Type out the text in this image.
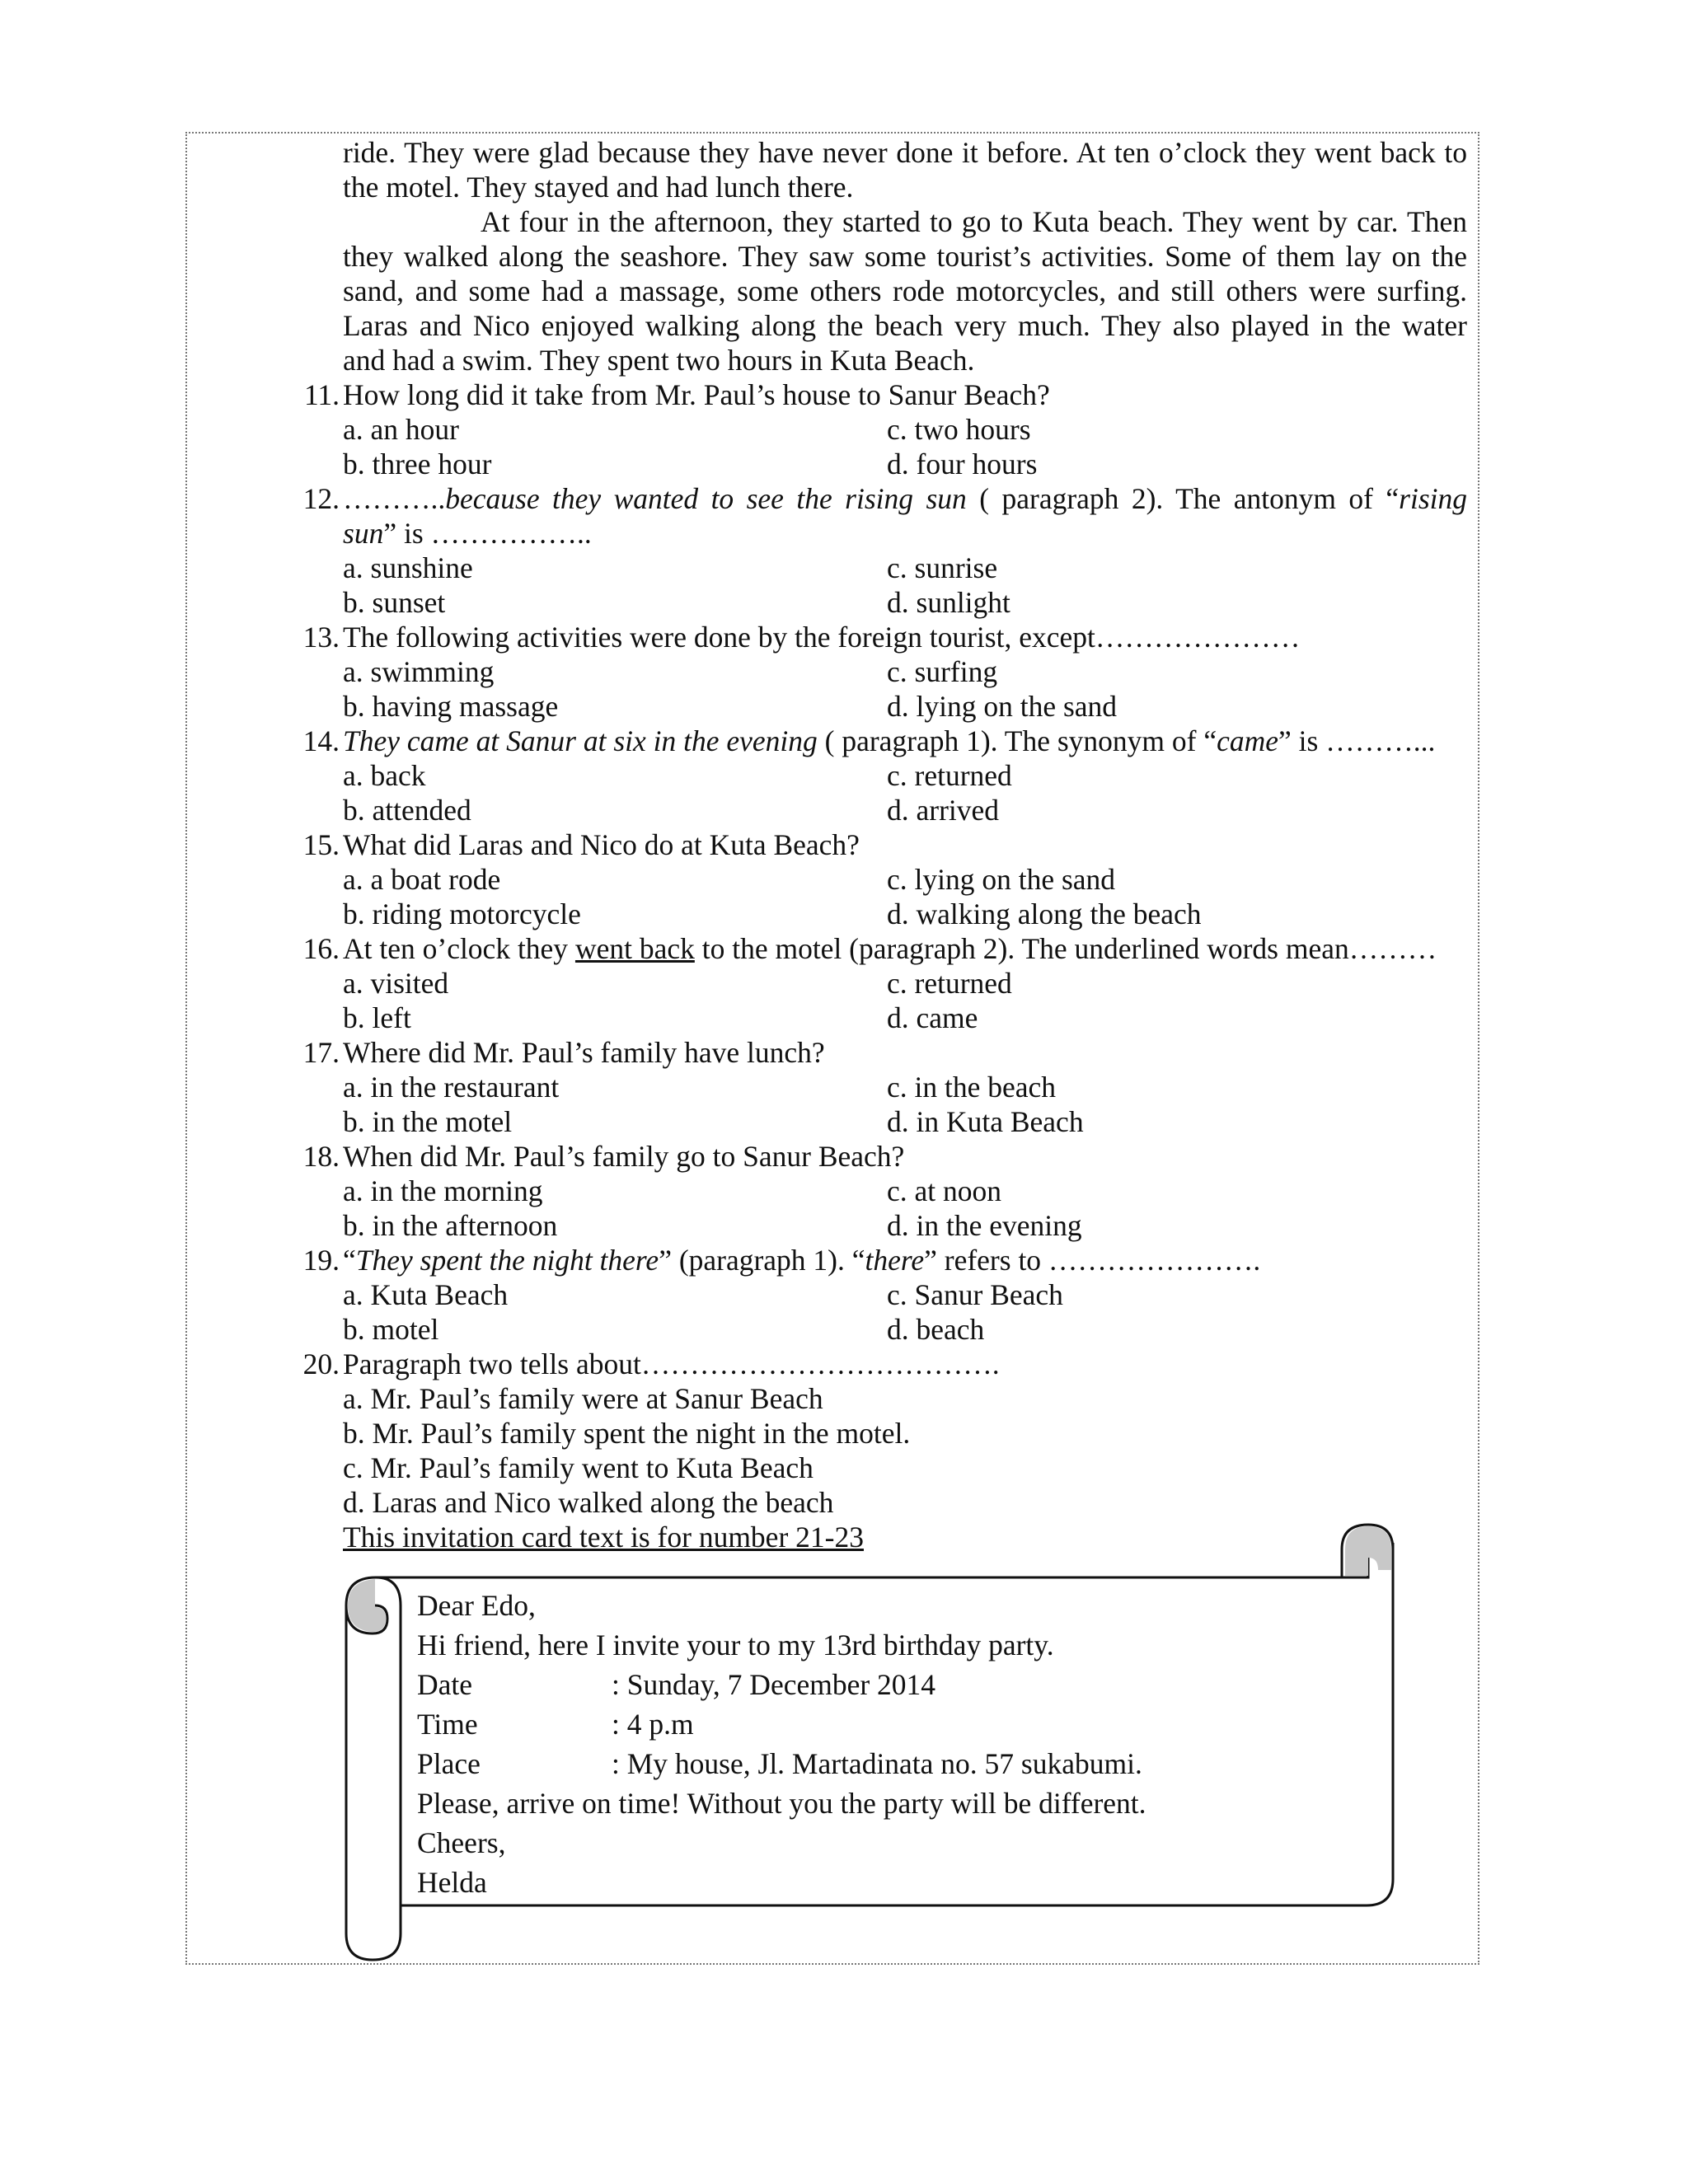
ride. They were glad because they have never done it before. At ten o’clock they went back to
the motel. They stayed and had lunch there.
At four in the afternoon, they started to go to Kuta beach. They went by car. Then
they walked along the seashore. They saw some tourist’s activities. Some of them lay on the
sand, and some had a massage, some others rode motorcycles, and still others were surfing.
Laras and Nico enjoyed walking along the beach very much. They also played in the water
and had a swim. They spent two hours in Kuta Beach.
11. How long did it take from Mr. Paul’s house to Sanur Beach?
a. an hour	c. two hours
b. three hour	d. four hours
12. ………..because they wanted to see the rising sun ( paragraph 2). The antonym of “rising
sun” is ……………..
a. sunshine	c. sunrise
b. sunset	d. sunlight
13. The following activities were done by the foreign tourist, except…………………
a. swimming	c. surfing
b. having massage	d. lying on the sand
14. They came at Sanur at six in the evening ( paragraph 1). The synonym of “came” is ………...
a. back	c. returned
b. attended	d. arrived
15. What did Laras and Nico do at Kuta Beach?
a. a boat rode	c. lying on the sand
b. riding motorcycle	d. walking along the beach
16. At ten o’clock they went back to the motel (paragraph 2). The underlined words mean………
a. visited	c. returned
b. left	d. came
17. Where did Mr. Paul’s family have lunch?
a. in the restaurant	c. in the beach
b. in the motel	d. in Kuta Beach
18. When did Mr. Paul’s family go to Sanur Beach?
a. in the morning	c. at noon
b. in the afternoon	d. in the evening
19. “They spent the night there” (paragraph 1). “there” refers to ………………….
a. Kuta Beach	c. Sanur Beach
b. motel	d. beach
20. Paragraph two tells about……………………………….
a. Mr. Paul’s family were at Sanur Beach
b. Mr. Paul’s family spent the night in the motel.
c. Mr. Paul’s family went to Kuta Beach
d. Laras and Nico walked along the beach
This invitation card text is for number 21-23
Dear Edo,
Hi friend, here I invite your to my 13rd birthday party.
Date	: Sunday, 7 December 2014
Time	: 4 p.m
Place	: My house, Jl. Martadinata no. 57 sukabumi.
Please, arrive on time! Without you the party will be different.
Cheers,
Helda
